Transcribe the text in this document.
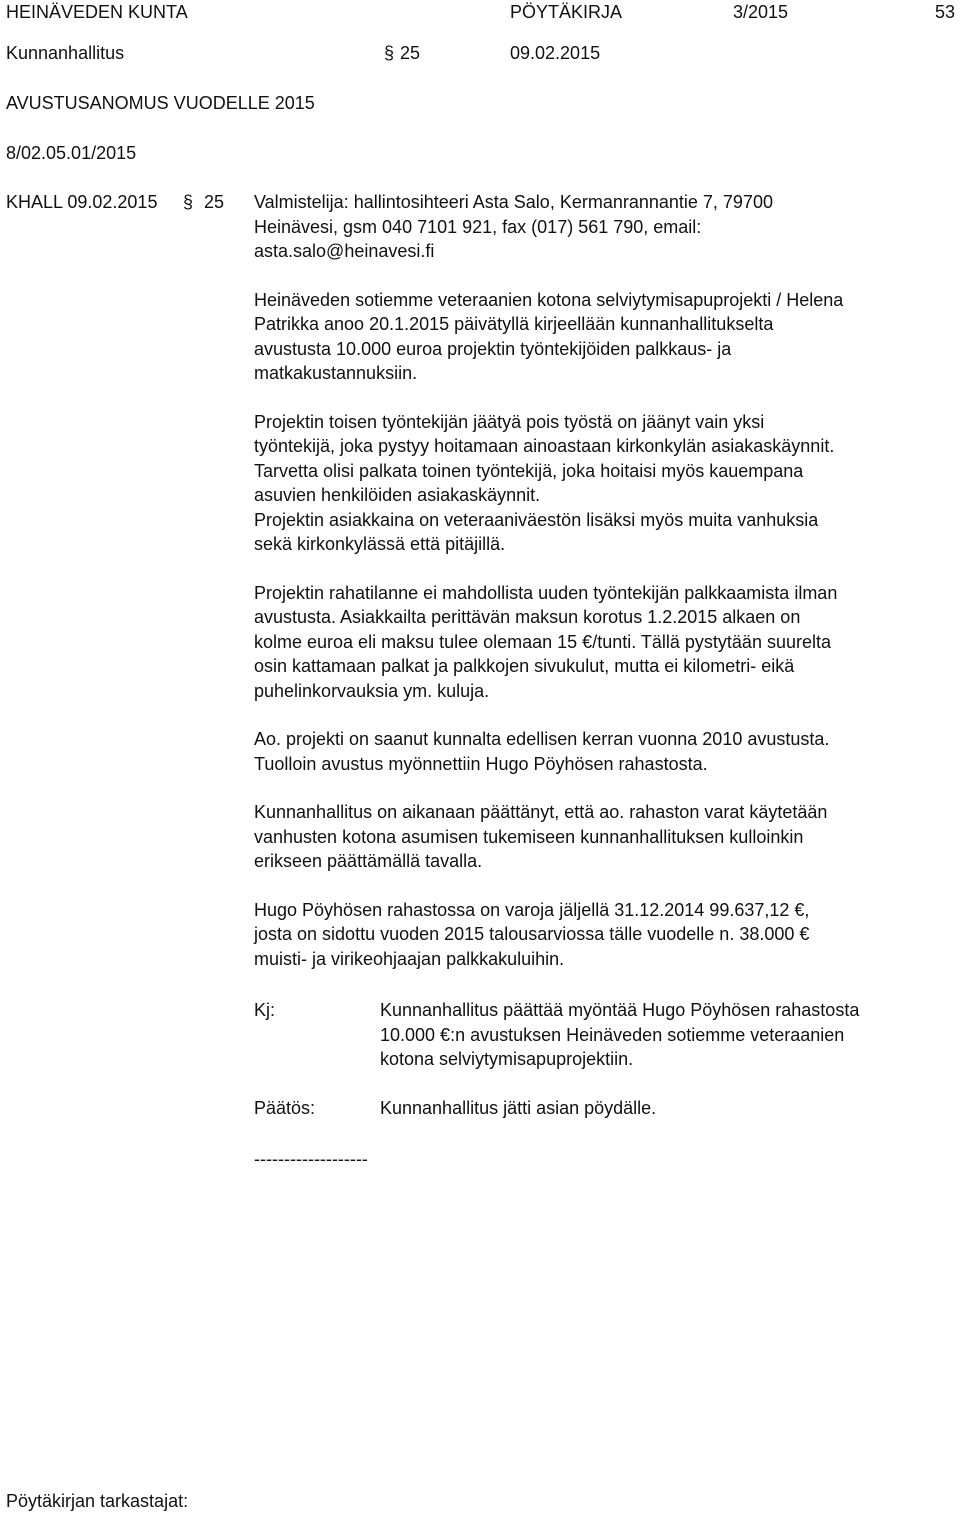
HEINÄVEDEN KUNTA	PÖYTÄKIRJA	3/2015	53
Kunnanhallitus	§ 25	09.02.2015
AVUSTUSANOMUS VUODELLE 2015
8/02.05.01/2015
KHALL 09.02.2015 § 25 Valmistelija: hallintosihteeri Asta Salo, Kermanrannantie 7, 79700

Heinävesi, gsm 040 7101 921, fax (017) 561 790, email:

asta.salo@heinavesi.fi

Heinäveden sotiemme veteraanien kotona selviytymisapuprojekti / Helena

Patrikka anoo 20.1.2015 päivätyllä kirjeellään kunnanhallitukselta

avustusta 10.000 euroa projektin työntekijöiden palkkaus- ja

matkakustannuksiin.

Projektin toisen työntekijän jäätyä pois työstä on jäänyt vain yksi

työntekijä, joka pystyy hoitamaan ainoastaan kirkonkylän asiakaskäynnit.

Tarvetta olisi palkata toinen työntekijä, joka hoitaisi myös kauempana

asuvien henkilöiden asiakaskäynnit.

Projektin asiakkaina on veteraaniväestön lisäksi myös muita vanhuksia

sekä kirkonkylässä että pitäjillä.

Projektin rahatilanne ei mahdollista uuden työntekijän palkkaamista ilman

avustusta. Asiakkailta perittävän maksun korotus 1.2.2015 alkaen on

kolme euroa eli maksu tulee olemaan 15 €/tunti. Tällä pystytään suurelta

osin kattamaan palkat ja palkkojen sivukulut, mutta ei kilometri- eikä

puhelinkorvauksia ym. kuluja.

Ao. projekti on saanut kunnalta edellisen kerran vuonna 2010 avustusta.

Tuolloin avustus myönnettiin Hugo Pöyhösen rahastosta.

Kunnanhallitus on aikanaan päättänyt, että ao. rahaston varat käytetään

vanhusten kotona asumisen tukemiseen kunnanhallituksen kulloinkin

erikseen päättämällä tavalla.

Hugo Pöyhösen rahastossa on varoja jäljellä 31.12.2014 99.637,12 €,

josta on sidottu vuoden 2015 talousarviossa tälle vuodelle n. 38.000 €

muisti- ja virikeohjaajan palkkakuluihin.

Kj:	Kunnanhallitus päättää myöntää Hugo Pöyhösen rahastosta
10.000 €:n avustuksen Heinäveden sotiemme veteraanien
kotona selviytymisapuprojektiin.
Päätös:	Kunnanhallitus jätti asian pöydälle.
-------------------
Pöytäkirjan tarkastajat:
